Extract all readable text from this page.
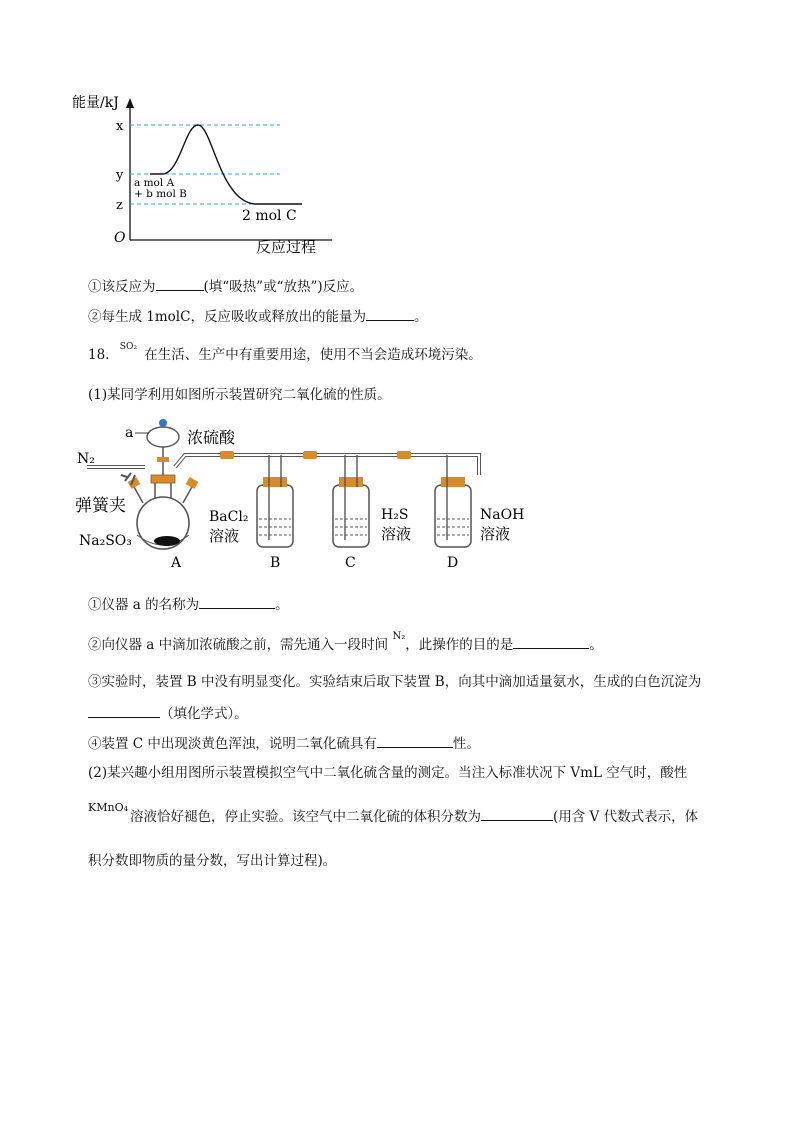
能量/kJ
x
y
z
a mol A
+ b mol B
2 mol C
O	反应过程
①该反应为	(填“吸热”或“放热”)反应。
②每生成 1molC，反应吸收或释放出的能量为	。
18. $^{SO_2}$ 在生活、生产中有重要用途，使用不当会造成环境污染。
(1)某同学利用如图所示装置研究二氧化硫的性质。
a	浓硫酸
N₂
弹簧夹
Na₂SO₃
BaCl₂
溶液
H₂S
溶液
NaOH
溶液
A	B	C	D
①仪器 a 的名称为	。
②向仪器 a 中滴加浓硫酸之前，需先通入一段时间 $^{N_2}$，此操作的目的是	。
③实验时，装置 B 中没有明显变化。实验结束后取下装置 B，向其中滴加适量氨水，生成的白色沉淀为
（填化学式）。
④装置 C 中出现淡黄色浑浊，说明二氧化硫具有	性。
(2)某兴趣小组用图所示装置模拟空气中二氧化硫含量的测定。当注入标准状况下 VmL 空气时，酸性
$^{KMnO_4}$溶液恰好褪色，停止实验。该空气中二氧化硫的体积分数为	(用含 V 代数式表示，体
积分数即物质的量分数，写出计算过程)。
